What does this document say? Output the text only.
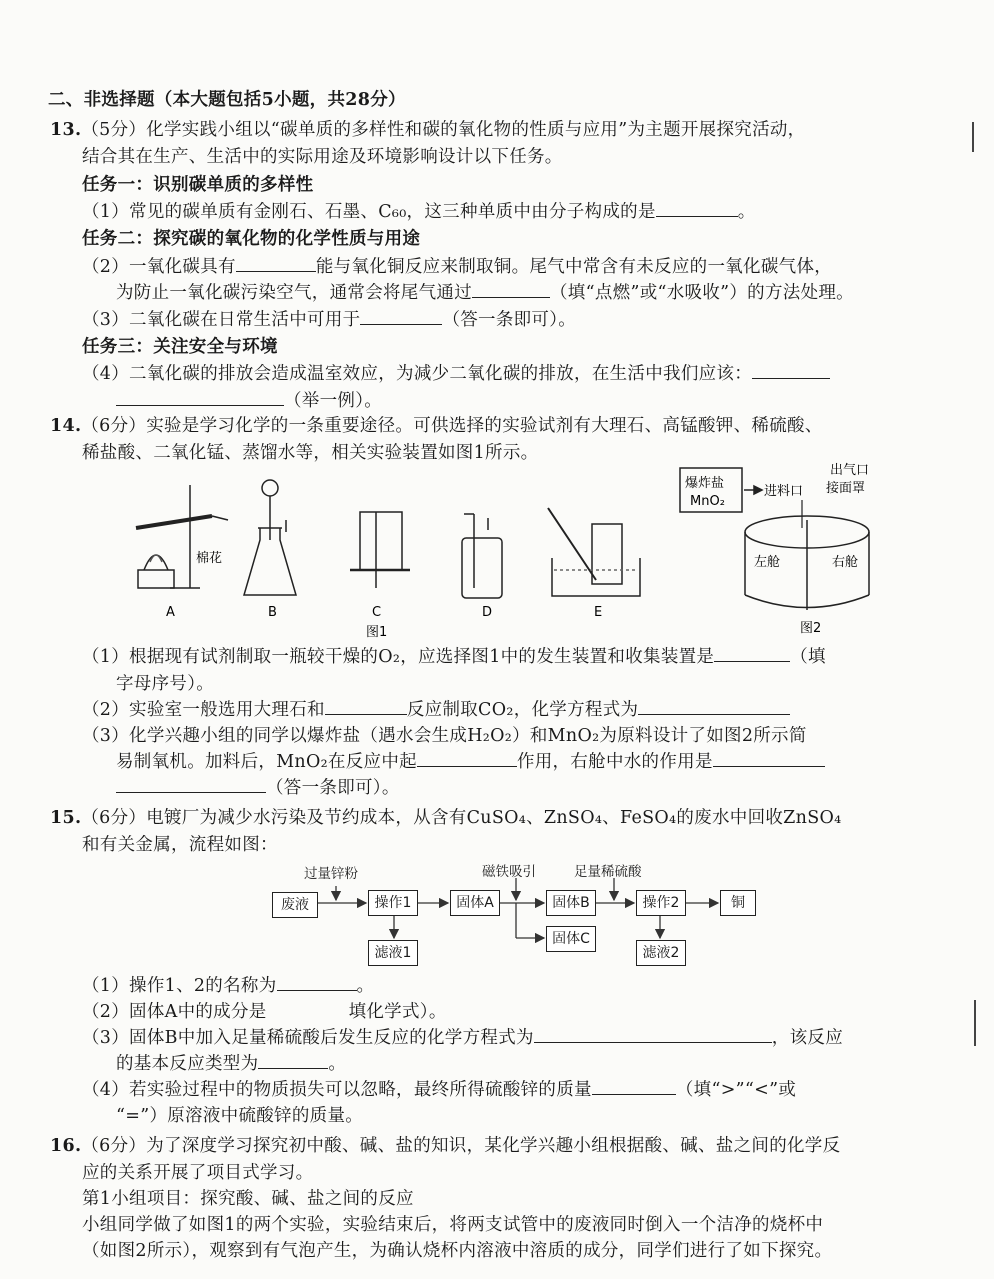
二、非选择题（本大题包括5小题，共28分）
13.（5分）化学实践小组以“碳单质的多样性和碳的氧化物的性质与应用”为主题开展探究活动，
结合其在生产、生活中的实际用途及环境影响设计以下任务。
任务一：识别碳单质的多样性
（1）常见的碳单质有金刚石、石墨、C₆₀，这三种单质中由分子构成的是	。
任务二：探究碳的氧化物的化学性质与用途
（2）一氧化碳具有	能与氧化铜反应来制取铜。尾气中常含有未反应的一氧化碳气体，
为防止一氧化碳污染空气，通常会将尾气通过	（填“点燃”或“水吸收”）的方法处理。
（3）二氧化碳在日常生活中可用于	（答一条即可）。
任务三：关注安全与环境
（4）二氧化碳的排放会造成温室效应，为减少二氧化碳的排放，在生活中我们应该：
（举一例）。
14.（6分）实验是学习化学的一条重要途径。可供选择的实验试剂有大理石、高锰酸钾、稀硫酸、
稀盐酸、二氧化锰、蒸馏水等，相关实验装置如图1所示。
棉花
A	B	C	D	E
图1
爆炸盐
MnO₂
进料口
出气口
接面罩
左舱	右舱
图2
（1）根据现有试剂制取一瓶较干燥的O₂，应选择图1中的发生装置和收集装置是	（填
字母序号）。
（2）实验室一般选用大理石和	反应制取CO₂，化学方程式为
（3）化学兴趣小组的同学以爆炸盐（遇水会生成H₂O₂）和MnO₂为原料设计了如图2所示简
易制氧机。加料后，MnO₂在反应中起	作用，右舱中水的作用是
（答一条即可）。
15.（6分）电镀厂为减少水污染及节约成本，从含有CuSO₄、ZnSO₄、FeSO₄的废水中回收ZnSO₄
和有关金属，流程如图：
过量锌粉	磁铁吸引	足量稀硫酸
废液	操作1	固体A	固体B	操作2	铜
滤液1
固体C
滤液2
（1）操作1、2的名称为	。
（2）固体A中的成分是	填化学式）。
（3）固体B中加入足量稀硫酸后发生反应的化学方程式为	，该反应
的基本反应类型为	。
（4）若实验过程中的物质损失可以忽略，最终所得硫酸锌的质量	（填“>”“<”或
“=”）原溶液中硫酸锌的质量。
16.（6分）为了深度学习探究初中酸、碱、盐的知识，某化学兴趣小组根据酸、碱、盐之间的化学反
应的关系开展了项目式学习。
第1小组项目：探究酸、碱、盐之间的反应
小组同学做了如图1的两个实验，实验结束后，将两支试管中的废液同时倒入一个洁净的烧杯中
（如图2所示），观察到有气泡产生，为确认烧杯内溶液中溶质的成分，同学们进行了如下探究。
